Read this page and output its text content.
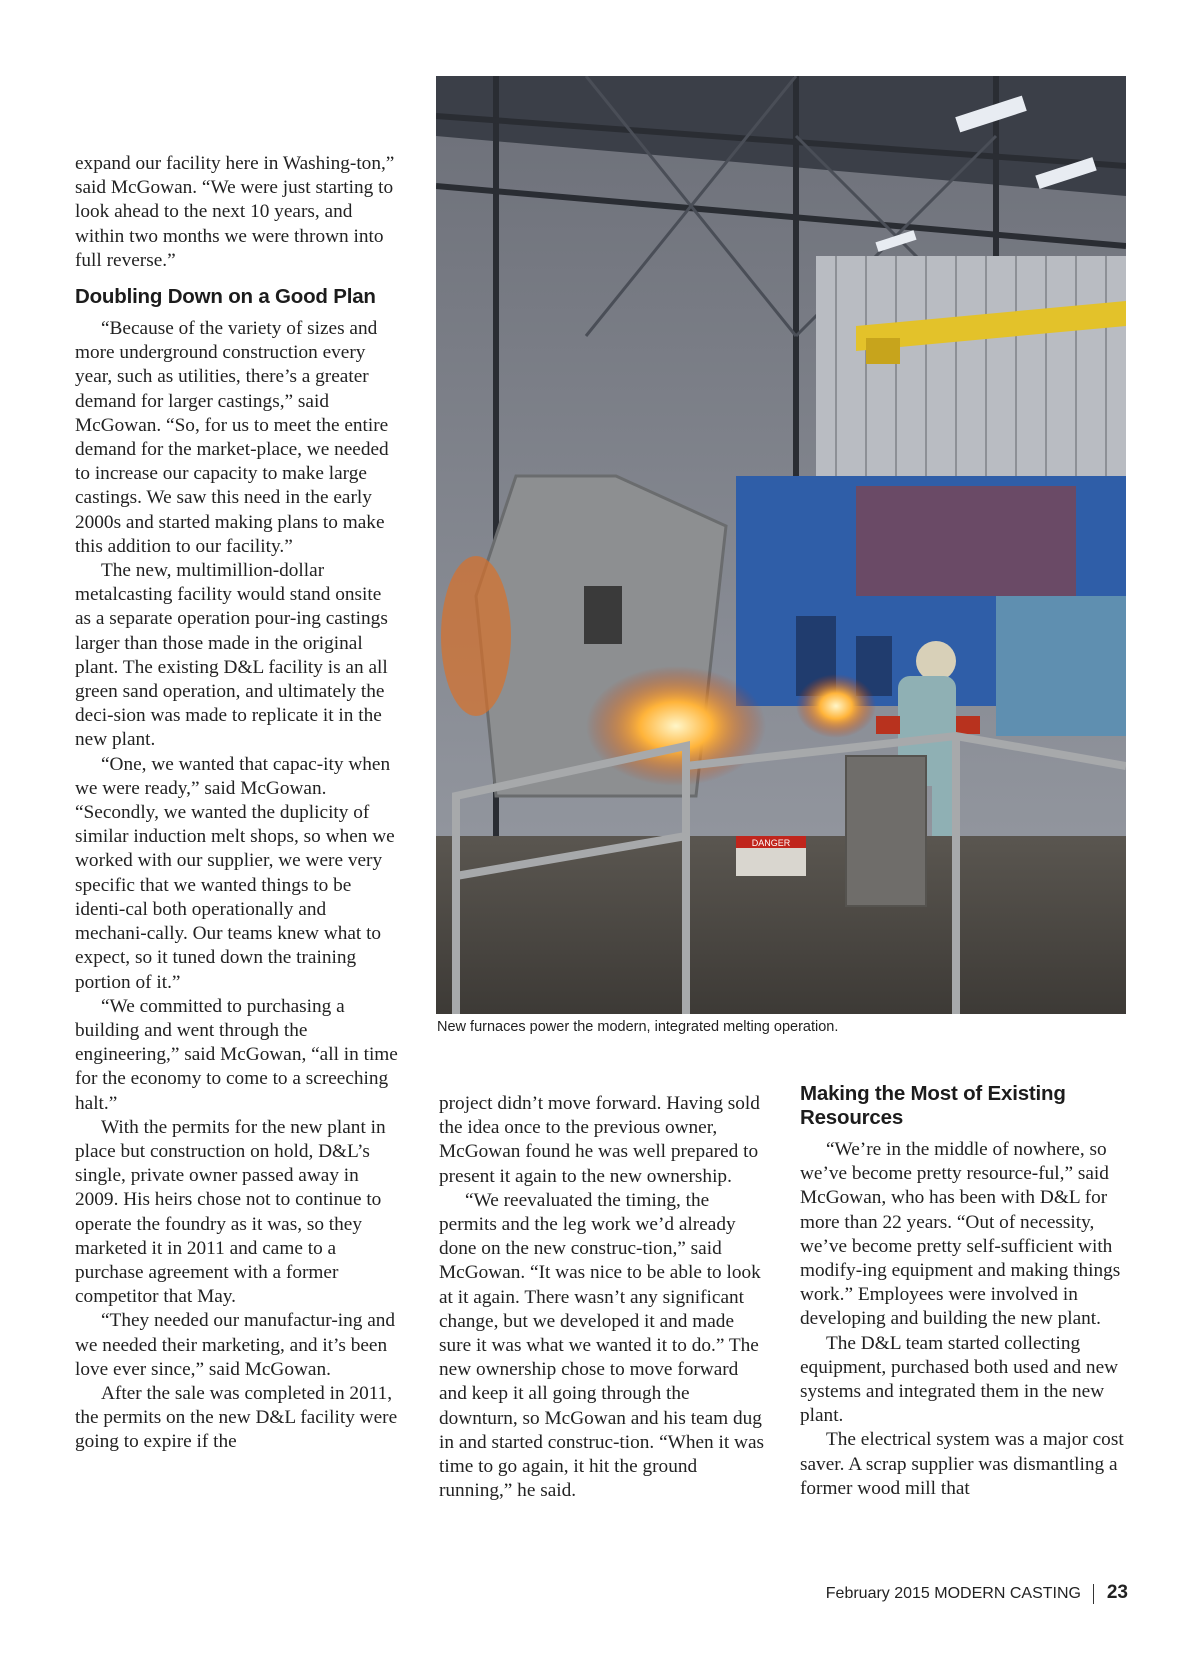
expand our facility here in Washing-ton,” said McGowan. “We were just starting to look ahead to the next 10 years, and within two months we were thrown into full reverse.”

Doubling Down on a Good Plan

“Because of the variety of sizes and more underground construction every year, such as utilities, there’s a greater demand for larger castings,” said McGowan. “So, for us to meet the entire demand for the market-place, we needed to increase our capacity to make large castings. We saw this need in the early 2000s and started making plans to make this addition to our facility.”

The new, multimillion-dollar metalcasting facility would stand onsite as a separate operation pour-ing castings larger than those made in the original plant. The existing D&L facility is an all green sand operation, and ultimately the deci-sion was made to replicate it in the new plant.

“One, we wanted that capac-ity when we were ready,” said McGowan. “Secondly, we wanted the duplicity of similar induction melt shops, so when we worked with our supplier, we were very specific that we wanted things to be identi-cal both operationally and mechani-cally. Our teams knew what to expect, so it tuned down the training portion of it.”

“We committed to purchasing a building and went through the engineering,” said McGowan, “all in time for the economy to come to a screeching halt.”

With the permits for the new plant in place but construction on hold, D&L’s single, private owner passed away in 2009. His heirs chose not to continue to operate the foundry as it was, so they marketed it in 2011 and came to a purchase agreement with a former competitor that May.

“They needed our manufactur-ing and we needed their marketing, and it’s been love ever since,” said McGowan.

After the sale was completed in 2011, the permits on the new D&L facility were going to expire if the

DANGER
New furnaces power the modern, integrated melting operation.

project didn’t move forward. Having sold the idea once to the previous owner, McGowan found he was well prepared to present it again to the new ownership.

“We reevaluated the timing, the permits and the leg work we’d already done on the new construc-tion,” said McGowan. “It was nice to be able to look at it again. There wasn’t any significant change, but we developed it and made sure it was what we wanted it to do.” The new ownership chose to move forward and keep it all going through the downturn, so McGowan and his team dug in and started construc-tion. “When it was time to go again, it hit the ground running,” he said.

Making the Most of Existing Resources

“We’re in the middle of nowhere, so we’ve become pretty resource-ful,” said McGowan, who has been with D&L for more than 22 years. “Out of necessity, we’ve become pretty self-sufficient with modify-ing equipment and making things work.” Employees were involved in developing and building the new plant.

The D&L team started collecting equipment, purchased both used and new systems and integrated them in the new plant.

The electrical system was a major cost saver. A scrap supplier was dismantling a former wood mill that

February 2015 MODERN CASTING 23
